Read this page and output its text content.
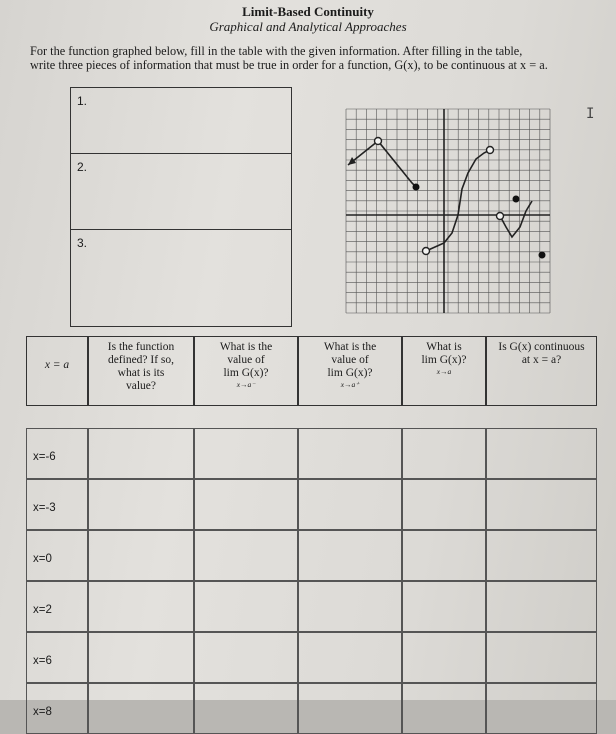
Limit-Based Continuity
Graphical and Analytical Approaches
For the function graphed below, fill in the table with the given information. After filling in the table,
write three pieces of information that must be true in order for a function, G(x), to be continuous at x = a.
1.
2.
3.
I
x = a
Is the function
defined? If so,
what is its
value?
What is the
value of
lim G(x)?
x→a⁻
What is the
value of
lim G(x)?
x→a⁺
What is
lim G(x)?
x→a
Is G(x) continuous
at x = a?
x=-6
x=-3
x=0
x=2
x=6
x=8
